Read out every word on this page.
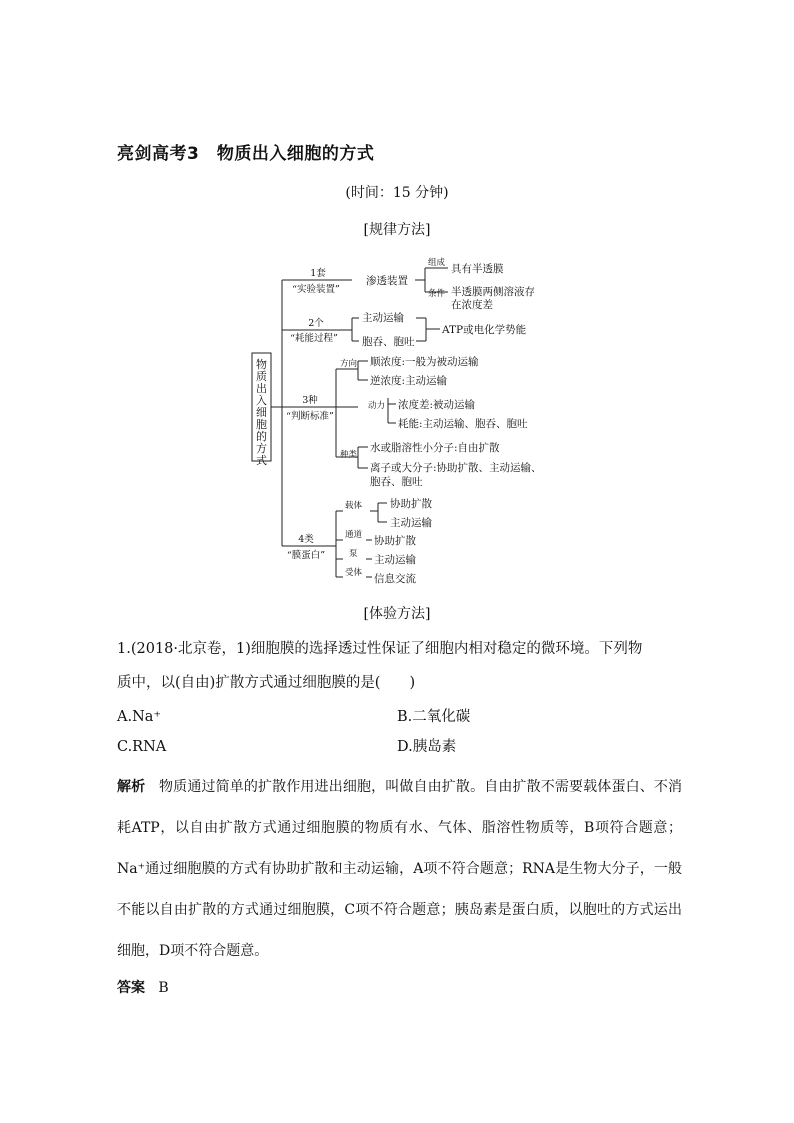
亮剑高考3　物质出入细胞的方式
(时间：15 分钟)
[规律方法]
物
质
出
入
细
胞
的
方
式
1套
“实验装置”
渗透装置
组成 具有半透膜
条件 半透膜两侧溶液存
在浓度差
2个
“耗能过程”
主动运输
胞吞、胞吐
ATP或电化学势能
3种
“判断标准”
方向 顺浓度:一般为被动运输
逆浓度:主动运输
动力 浓度差:被动运输
耗能:主动运输、胞吞、胞吐
种类
水或脂溶性小分子:自由扩散
离子或大分子:协助扩散、主动运输、
胞吞、胞吐
4类
“膜蛋白”
载体	协助扩散
主动运输
通道 协助扩散
泵 主动运输
受体 信息交流
[体验方法]
1.(2018·北京卷，1)细胞膜的选择透过性保证了细胞内相对稳定的微环境。下列物
质中，以(自由)扩散方式通过细胞膜的是(　　)
A.Na⁺	B.二氧化碳
C.RNA	D.胰岛素
解析 物质通过简单的扩散作用进出细胞，叫做自由扩散。自由扩散不需要载体蛋白、不消耗ATP，以自由扩散方式通过细胞膜的物质有水、气体、脂溶性物质等，B项符合题意；Na⁺通过细胞膜的方式有协助扩散和主动运输，A项不符合题意；RNA是生物大分子，一般不能以自由扩散的方式通过细胞膜，C项不符合题意；胰岛素是蛋白质，以胞吐的方式运出细胞，D项不符合题意。
答案 B
